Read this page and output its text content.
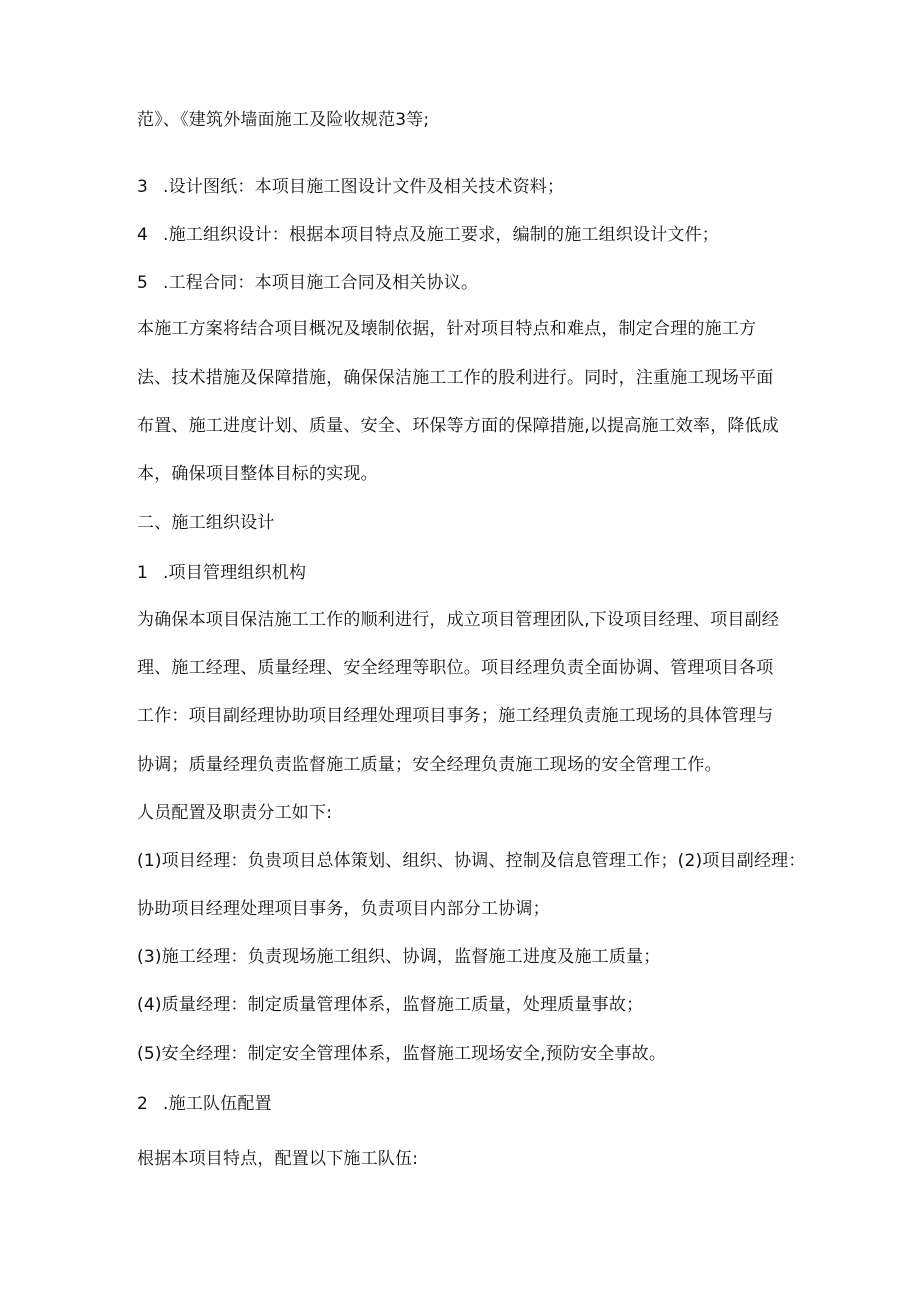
范》、《建筑外墙面施工及险收规范3等;

3 .设计图纸：本项目施工图设计文件及相关技术资料；

4 .施工组织设计：根据本项目特点及施工要求，编制的施工组织设计文件；

5 .工程合同：本项目施工合同及相关协议。

本施工方案将结合项目概况及壊制依据，针对项目特点和难点，制定合理的施工方

法、技术措施及保障措施，确保保洁施工工作的股利进行。同时，注重施工现场平面

布置、施工进度计划、质量、安全、环保等方面的保障措施,以提高施工效率，降低成

本，确保项目整体目标的实现。

二、施工组织设计

1 .项目管理组织机构

为确保本项目保洁施工工作的顺利进行，成立项目管理团队,下设项目经理、项目副经

理、施工经理、质量经理、安全经理等职位。项目经理负责全面协调、管理项目各项

工作：项目副经理协助项目经理处理项目事务；施工经理负责施工现场的具体管理与

协调；质量经理负责监督施工质量；安全经理负责施工现场的安全管理工作。

人员配置及职责分工如下:

(1)项目经理：负贵项目总体策划、组织、协调、控制及信息管理工作；(2)项目副经理：

协助项目经理处理项目事务，负责项目内部分工协调；

(3)施工经理：负责现场施工组织、协调，监督施工进度及施工质量；

(4)质量经理：制定质量管理体系，监督施工质量，处理质量事故；

(5)安全经理：制定安全管理体系，监督施工现场安全,预防安全事故。

2 .施工队伍配置

根据本项目特点，配置以下施工队伍:
